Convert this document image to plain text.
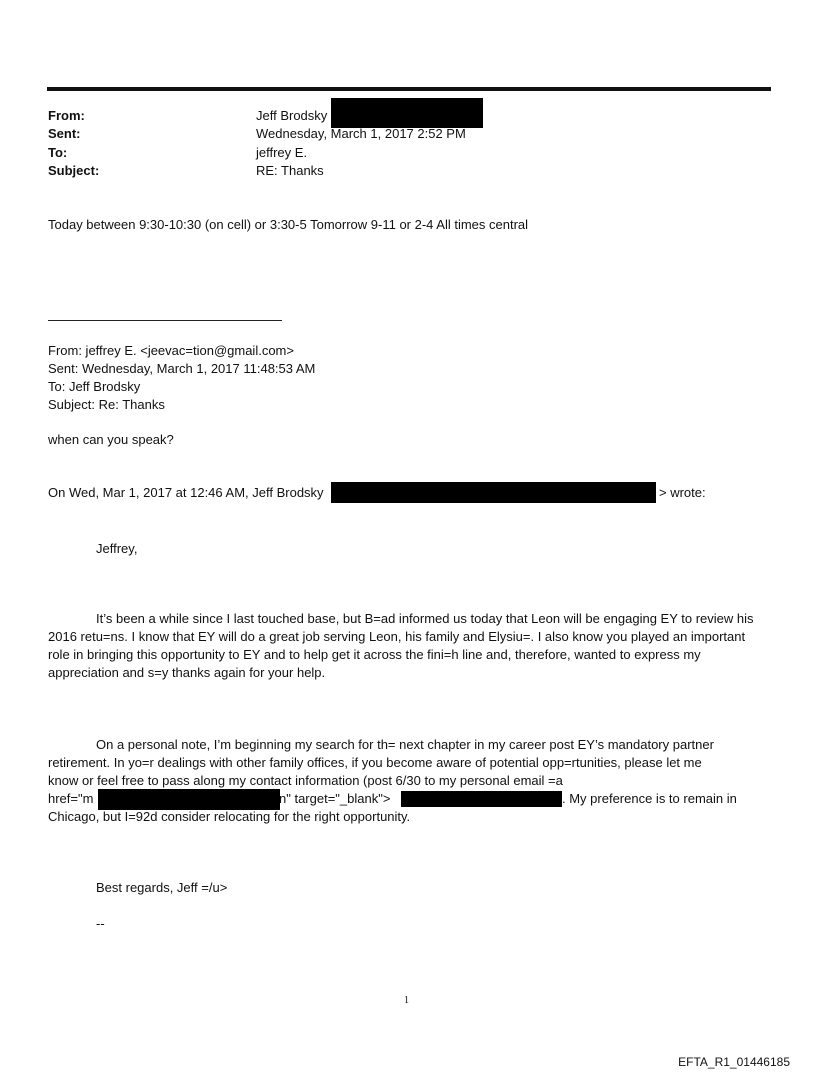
From:	Jeff Brodsky
Sent:	Wednesday, March 1, 2017 2:52 PM
To:	jeffrey E.
Subject:	RE: Thanks
Today between 9:30-10:30 (on cell) or 3:30-5 Tomorrow 9-11 or 2-4 All times central
From: jeffrey E. <jeevac=tion@gmail.com>
Sent: Wednesday, March 1, 2017 11:48:53 AM
To: Jeff Brodsky
Subject: Re: Thanks
when can you speak?
On Wed, Mar 1, 2017 at 12:46 AM, Jeff Brodsky	> wrote:
Jeffrey,
It’s been a while since I last touched base, but B=ad informed us today that Leon will be engaging EY to review his 2016 retu=ns. I know that EY will do a great job serving Leon, his family and Elysiu=. I also know you played an important role in bringing this opportunity to EY and to help get it across the fini=h line and, therefore, wanted to express my appreciation and s=y thanks again for your help.
On a personal note, I’m beginning my search for th= next chapter in my career post EY’s mandatory partner
retirement. In yo=r dealings with other family offices, if you become aware of potential opp=rtunities, please let me
know or feel free to pass along my contact information (post 6/30 to my personal email =a
href="m	n" target="_blank">	. My preference is to remain in
Chicago, but I=92d consider relocating for the right opportunity.
Best regards, Jeff =/u>
--
1
EFTA_R1_01446185
